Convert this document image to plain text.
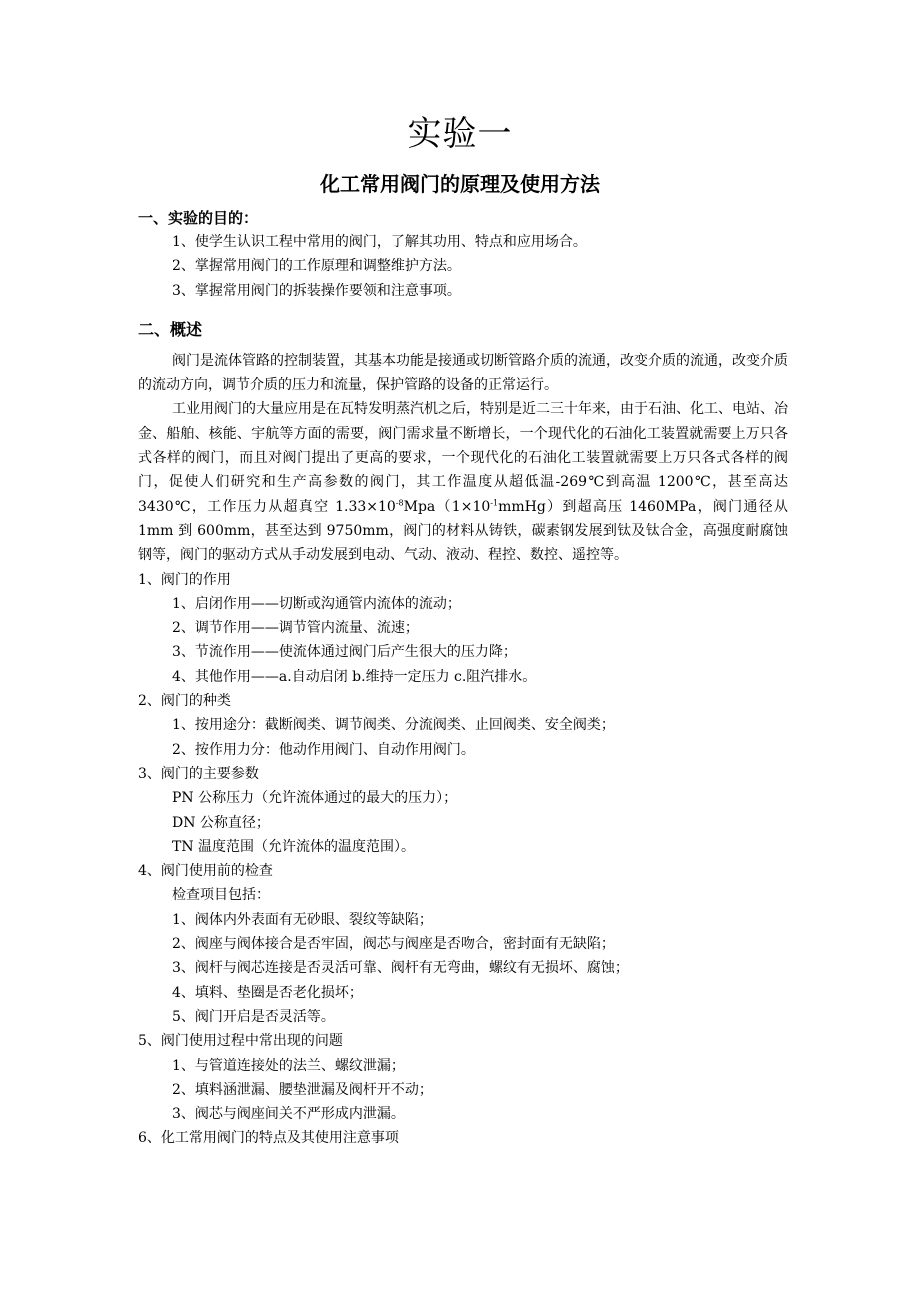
实验一
化工常用阀门的原理及使用方法
一、实验的目的：
1、使学生认识工程中常用的阀门，了解其功用、特点和应用场合。
2、掌握常用阀门的工作原理和调整维护方法。
3、掌握常用阀门的拆装操作要领和注意事项。
二、概述

阀门是流体管路的控制装置，其基本功能是接通或切断管路介质的流通，改变介质的流通，改变介质的流动方向，调节介质的压力和流量，保护管路的设备的正常运行。

工业用阀门的大量应用是在瓦特发明蒸汽机之后，特别是近二三十年来，由于石油、化工、电站、冶金、船舶、核能、宇航等方面的需要，阀门需求量不断增长，一个现代化的石油化工装置就需要上万只各式各样的阀门，而且对阀门提出了更高的要求，一个现代化的石油化工装置就需要上万只各式各样的阀门，促使人们研究和生产高参数的阀门，其工作温度从超低温-269℃到高温 1200℃，甚至高达 3430℃，工作压力从超真空 $1.33\times 10^{-8}Mpa(1\times 10^{-1}mmHg)$到超高压 1460MPa，阀门通径从 1mm 到 600mm，甚至达到 9750mm，阀门的材料从铸铁，碳素钢发展到钛及钛合金，高强度耐腐蚀钢等，阀门的驱动方式从手动发展到电动、气动、液动、程控、数控、遥控等。

1、阀门的作用
1、启闭作用——切断或沟通管内流体的流动；
2、调节作用——调节管内流量、流速；
3、节流作用——使流体通过阀门后产生很大的压力降；
4、其他作用——a.自动启闭 b.维持一定压力 c.阻汽排水。
2、阀门的种类
1、按用途分：截断阀类、调节阀类、分流阀类、止回阀类、安全阀类；
2、按作用力分：他动作用阀门、自动作用阀门。
3、阀门的主要参数
PN 公称压力（允许流体通过的最大的压力）；
DN 公称直径；
TN 温度范围（允许流体的温度范围）。
4、阀门使用前的检查
检查项目包括：
1、阀体内外表面有无砂眼、裂纹等缺陷；
2、阀座与阀体接合是否牢固，阀芯与阀座是否吻合，密封面有无缺陷；
3、阀杆与阀芯连接是否灵活可靠、阀杆有无弯曲，螺纹有无损坏、腐蚀；
4、填料、垫圈是否老化损坏；
5、阀门开启是否灵活等。
5、阀门使用过程中常出现的问题
1、与管道连接处的法兰、螺纹泄漏；
2、填料涵泄漏、腰垫泄漏及阀杆开不动；
3、阀芯与阀座间关不严形成内泄漏。
6、化工常用阀门的特点及其使用注意事项
